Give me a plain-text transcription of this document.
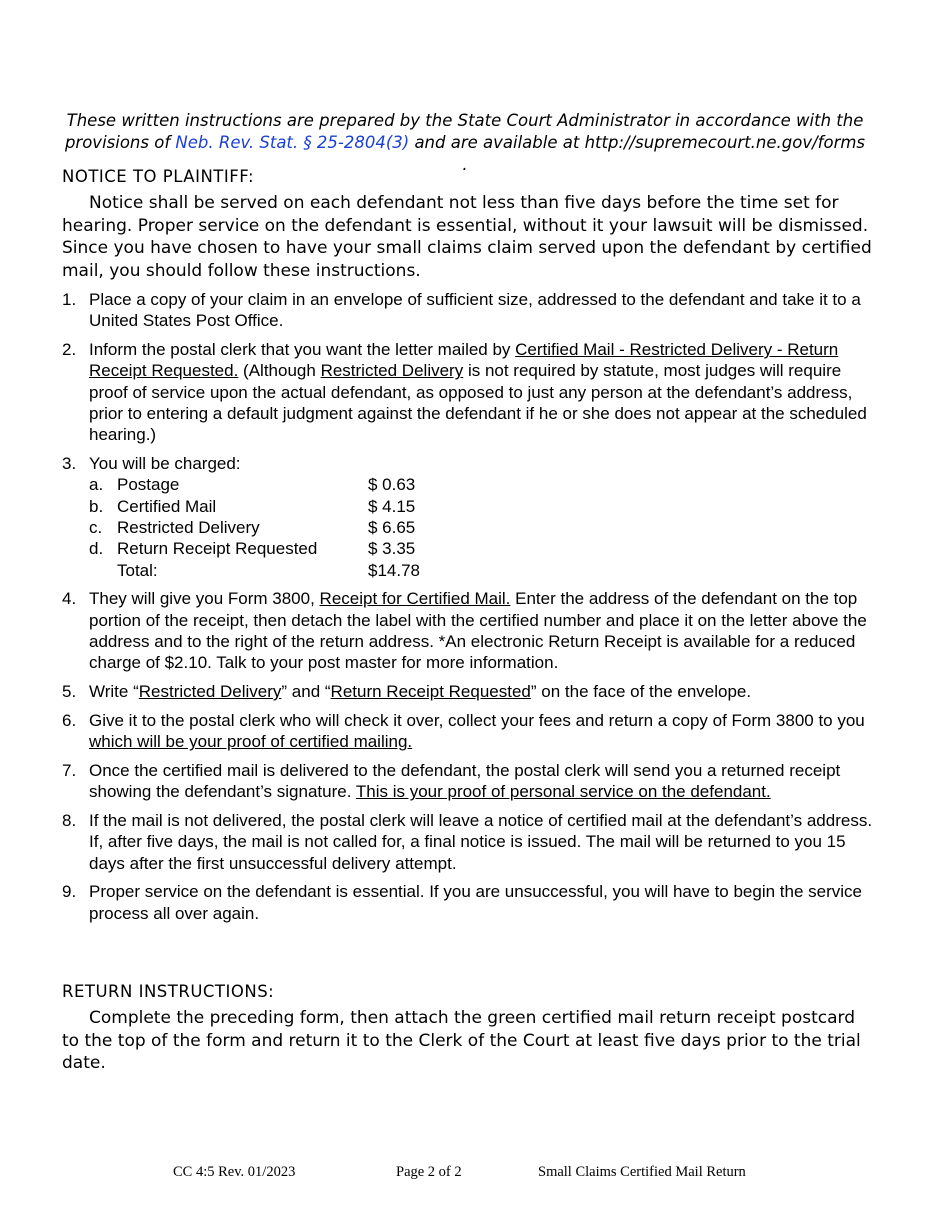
These written instructions are prepared by the State Court Administrator in accordance with the
provisions of Neb. Rev. Stat. § 25-2804(3) and are available at http://supremecourt.ne.gov/forms .
NOTICE TO PLAINTIFF:
Notice shall be served on each defendant not less than five days before the time set for hearing. Proper service on the defendant is essential, without it your lawsuit will be dismissed. Since you have chosen to have your small claims claim served upon the defendant by certified mail, you should follow these instructions.
1. Place a copy of your claim in an envelope of sufficient size, addressed to the defendant and take it to a United States Post Office.
2. Inform the postal clerk that you want the letter mailed by Certified Mail - Restricted Delivery - Return Receipt Requested. (Although Restricted Delivery is not required by statute, most judges will require proof of service upon the actual defendant, as opposed to just any person at the defendant’s address, prior to entering a default judgment against the defendant if he or she does not appear at the scheduled hearing.)
3. You will be charged:
a. Postage	$ 0.63
b. Certified Mail	$ 4.15
c. Restricted Delivery	$ 6.65
d. Return Receipt Requested	$ 3.35
Total:	$14.78
4. They will give you Form 3800, Receipt for Certified Mail. Enter the address of the defendant on the top portion of the receipt, then detach the label with the certified number and place it on the letter above the address and to the right of the return address. *An electronic Return Receipt is available for a reduced charge of $2.10. Talk to your post master for more information.
5. Write “Restricted Delivery” and “Return Receipt Requested” on the face of the envelope.
6. Give it to the postal clerk who will check it over, collect your fees and return a copy of Form 3800 to you which will be your proof of certified mailing.
7. Once the certified mail is delivered to the defendant, the postal clerk will send you a returned receipt showing the defendant’s signature. This is your proof of personal service on the defendant.
8. If the mail is not delivered, the postal clerk will leave a notice of certified mail at the defendant’s address. If, after five days, the mail is not called for, a final notice is issued. The mail will be returned to you 15 days after the first unsuccessful delivery attempt.
9. Proper service on the defendant is essential. If you are unsuccessful, you will have to begin the service process all over again.
RETURN INSTRUCTIONS:
Complete the preceding form, then attach the green certified mail return receipt postcard to the top of the form and return it to the Clerk of the Court at least five days prior to the trial date.
CC 4:5 Rev. 01/2023	Page 2 of 2	Small Claims Certified Mail Return
